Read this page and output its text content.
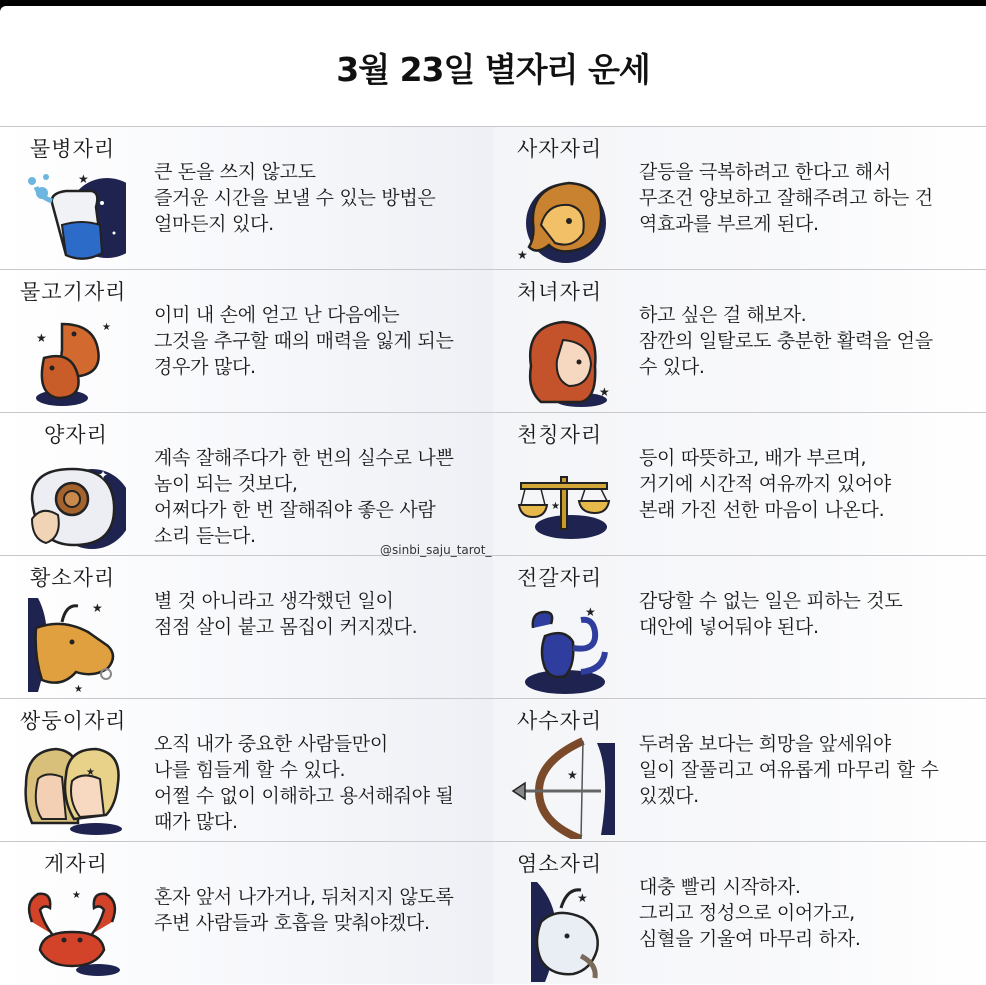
3월 23일 별자리 운세
물병자리
★	큰 돈을 쓰지 않고도
즐거운 시간을 보낼 수 있는 방법은
얼마든지 있다.
사자자리
★
갈등을 극복하려고 한다고 해서
무조건 양보하고 잘해주려고 하는 건
역효과를 부르게 된다.
물고기자리
★
★
이미 내 손에 얻고 난 다음에는
그것을 추구할 때의 매력을 잃게 되는
경우가 많다.
처녀자리
★
하고 싶은 걸 해보자.
잠깐의 일탈로도 충분한 활력을 얻을
수 있다.
양자리
✦
계속 잘해주다가 한 번의 실수로 나쁜
놈이 되는 것보다,
어쩌다가 한 번 잘해줘야 좋은 사람
소리 듣는다.
천칭자리
★
등이 따뜻하고, 배가 부르며,
거기에 시간적 여유까지 있어야
본래 가진 선한 마음이 나온다.
황소자리
★
★
별 것 아니라고 생각했던 일이
점점 살이 붙고 몸집이 커지겠다.
전갈자리
★ 감당할 수 없는 일은 피하는 것도
대안에 넣어둬야 된다.
쌍둥이자리
★
오직 내가 중요한 사람들만이
나를 힘들게 할 수 있다.
어쩔 수 없이 이해하고 용서해줘야 될
때가 많다.
사수자리
★
두려움 보다는 희망을 앞세워야
일이 잘풀리고 여유롭게 마무리 할 수
있겠다.
게자리
★	혼자 앞서 나가거나, 뒤처지지 않도록
주변 사람들과 호흡을 맞춰야겠다.
염소자리
★	대충 빨리 시작하자.
그리고 정성으로 이어가고,
심혈을 기울여 마무리 하자.
@sinbi_saju_tarot_
